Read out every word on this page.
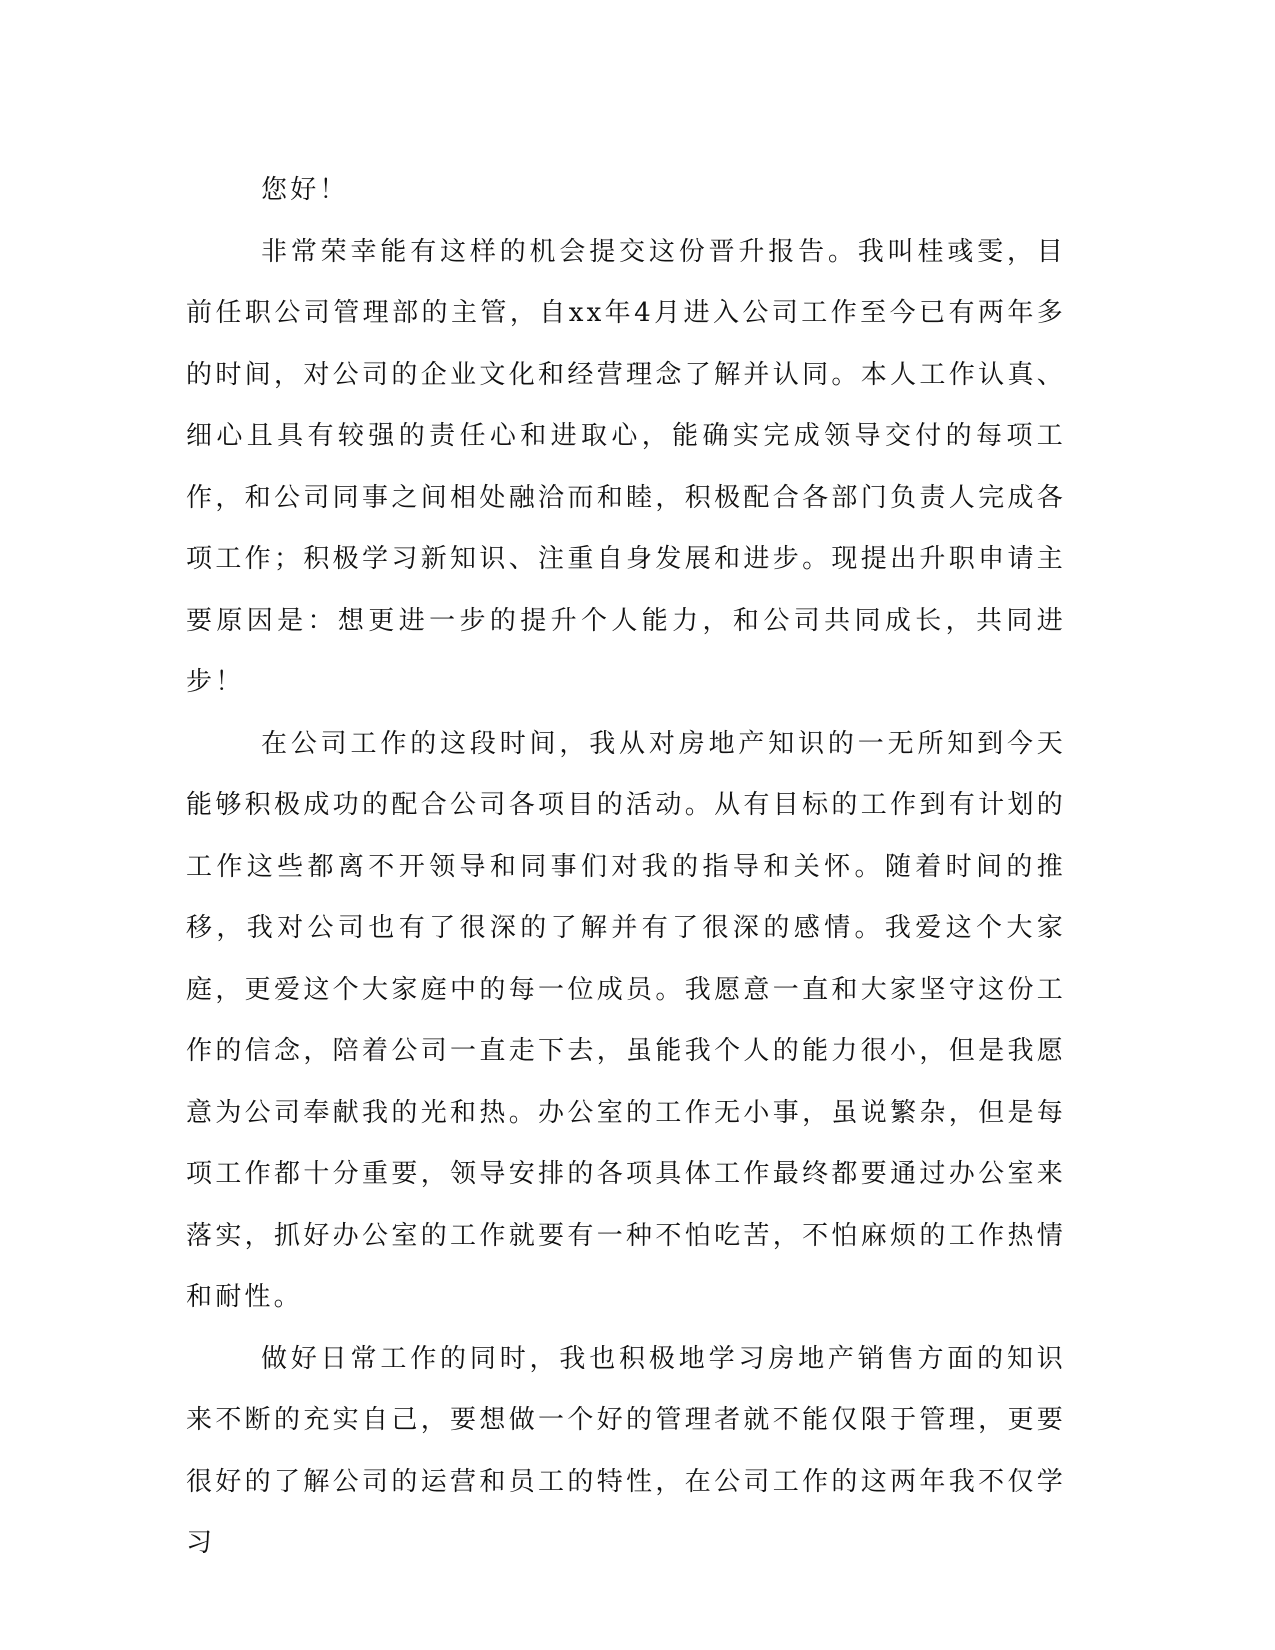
您好！

非常荣幸能有这样的机会提交这份晋升报告。我叫桂彧雯，目前任职公司管理部的主管，自xx年4月进入公司工作至今已有两年多的时间，对公司的企业文化和经营理念了解并认同。本人工作认真、细心且具有较强的责任心和进取心，能确实完成领导交付的每项工作，和公司同事之间相处融洽而和睦，积极配合各部门负责人完成各项工作；积极学习新知识、注重自身发展和进步。现提出升职申请主要原因是：想更进一步的提升个人能力，和公司共同成长，共同进步！

在公司工作的这段时间，我从对房地产知识的一无所知到今天能够积极成功的配合公司各项目的活动。从有目标的工作到有计划的工作这些都离不开领导和同事们对我的指导和关怀。随着时间的推移，我对公司也有了很深的了解并有了很深的感情。我爱这个大家庭，更爱这个大家庭中的每一位成员。我愿意一直和大家坚守这份工作的信念，陪着公司一直走下去，虽能我个人的能力很小，但是我愿意为公司奉献我的光和热。办公室的工作无小事，虽说繁杂，但是每项工作都十分重要，领导安排的各项具体工作最终都要通过办公室来落实，抓好办公室的工作就要有一种不怕吃苦，不怕麻烦的工作热情和耐性。

做好日常工作的同时，我也积极地学习房地产销售方面的知识来不断的充实自己，要想做一个好的管理者就不能仅限于管理，更要很好的了解公司的运营和员工的特性，在公司工作的这两年我不仅学习
